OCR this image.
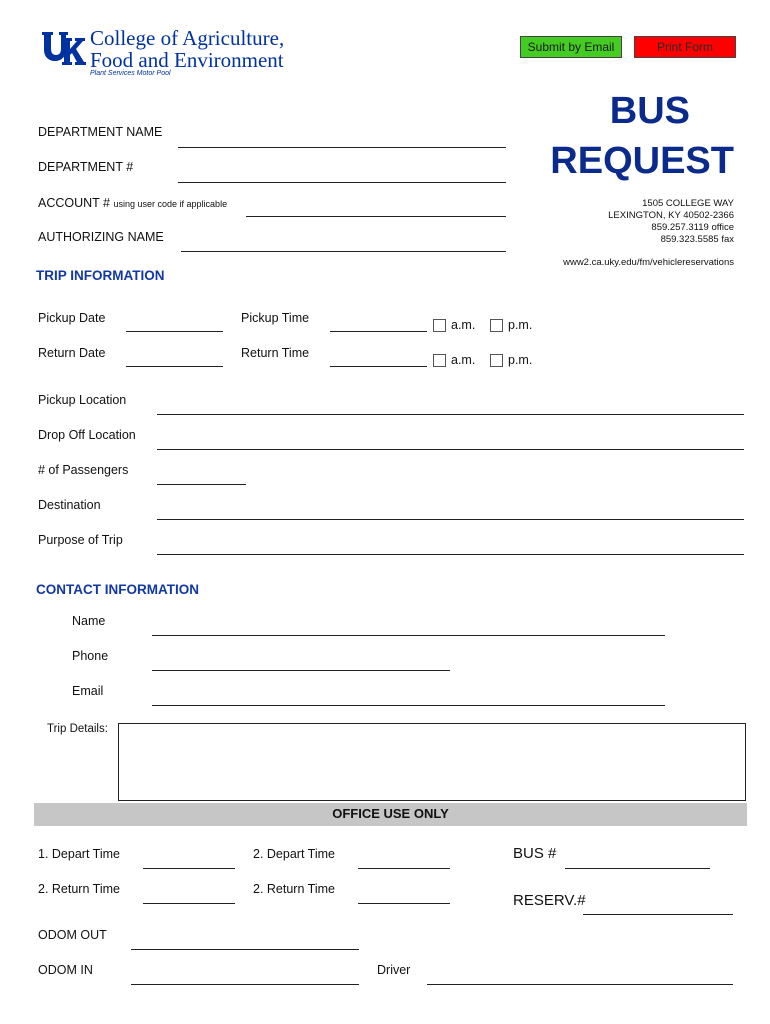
College of Agriculture,
Food and Environment
Plant Services Motor Pool
Submit by Email	Print Form
BUS
REQUEST
1505 COLLEGE WAY
LEXINGTON, KY 40502-2366
859.257.3119 office
859.323.5585 fax
www2.ca.uky.edu/fm/vehiclereservations
DEPARTMENT NAME
DEPARTMENT #
ACCOUNT # using user code if applicable
AUTHORIZING NAME
TRIP INFORMATION
Pickup Date	Pickup Time	a.m.	p.m.
Return Date	Return Time	a.m.	p.m.
Pickup Location
Drop Off Location
# of Passengers
Destination
Purpose of Trip
CONTACT INFORMATION
Name
Phone
Email
Trip Details:
OFFICE USE ONLY
1. Depart Time	2. Depart Time	BUS #
2. Return Time	2. Return Time
RESERV.#
ODOM OUT
ODOM IN	Driver
